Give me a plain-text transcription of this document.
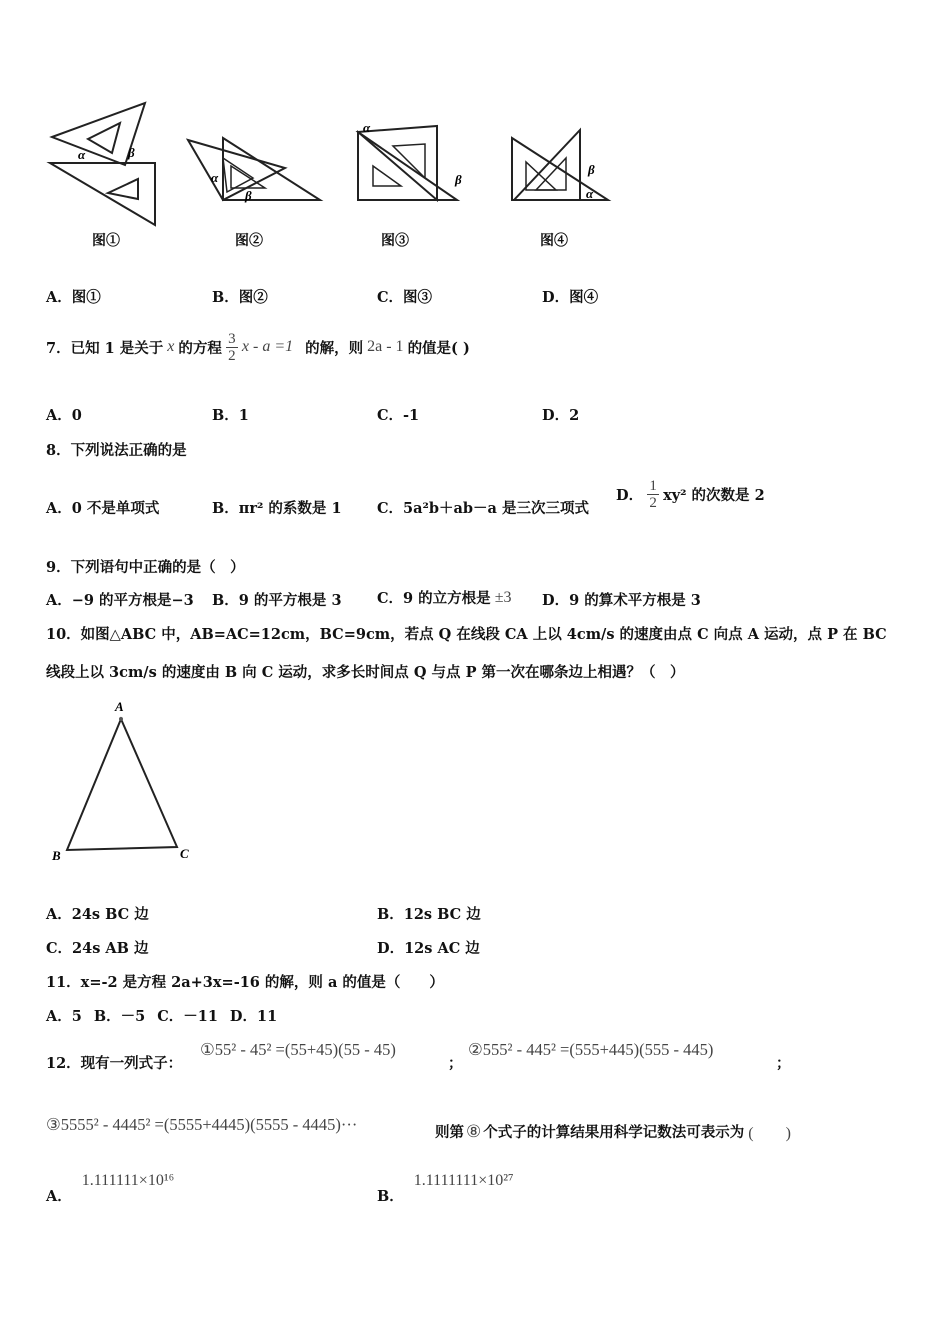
α	β
图①
α
β
图②
α
β
图③
β
α
图④
A．图①	B．图②	C．图③	D．图④
7．已知 1 是关于 x 的方程 $\frac{3}{2}$ x - a =1 的解，则 2a - 1 的值是( )
A．0	B．1	C．-1	D．2
8．下列说法正确的是
A．0 不是单项式	B．πr² 的系数是 1 C．5a²b＋ab－a 是三次三项式
D． $\frac{1}{2} xy^2$ 的次数是 2
9．下列语句中正确的是（　）
A．−9 的平方根是−3 B．9 的平方根是 3 C．9 的立方根是 ±3 D．9 的算术平方根是 3
10．如图△ABC 中，AB=AC=12cm，BC=9cm，若点 Q 在线段 CA 上以 4cm/s 的速度由点 C 向点 A 运动，点 P 在 BC
线段上以 3cm/s 的速度由 B 向 C 运动，求多长时间点 Q 与点 P 第一次在哪条边上相遇？（　）
A
B	C
A．24s BC 边	B．12s BC 边
C．24s AB 边	D．12s AC 边
11．x=-2 是方程 2a+3x=-16 的解，则 a 的值是（　　）
A．5 B．－5 C．－11 D．11
12．现有一列式子：
①55² - 45² =(55+45)(55 - 45)
；
②555² - 445² =(555+445)(555 - 445)
；
③5555² - 4445² =(5555+4445)(5555 - 4445)···	则第 ⑧ 个式子的计算结果用科学记数法可表示为 (　　)
A．
1.111111×10¹⁶
B．
1.1111111×10²⁷
